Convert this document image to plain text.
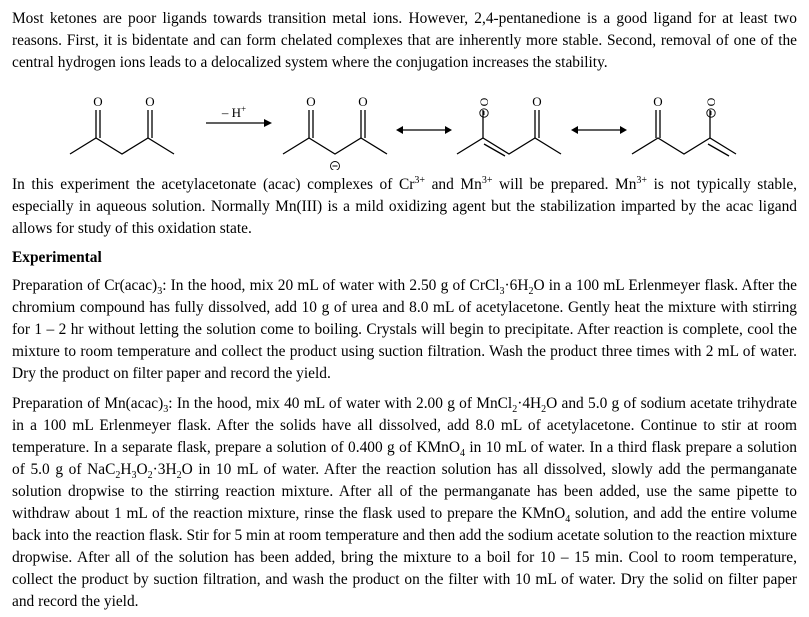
Most ketones are poor ligands towards transition metal ions. However, 2,4-pentanedione is a good ligand for at least two reasons. First, it is bidentate and can form chelated complexes that are inherently more stable. Second, removal of one of the central hydrogen ions leads to a delocalized system where the conjugation increases the stability.

O	O	O	O	O	O
O	O
– H+

In this experiment the acetylacetonate (acac) complexes of $Cr^{3+}$ and $Mn^{3+}$ will be prepared. $Mn^{3+}$ is not typically stable, especially in aqueous solution. Normally Mn(III) is a mild oxidizing agent but the stabilization imparted by the acac ligand allows for study of this oxidation state.

Experimental

Preparation of $Cr(acac)_3$: In the hood, mix 20 mL of water with 2.50 g of $CrCl_3\cdot 6H_2O$ in a 100 mL Erlenmeyer flask. After the chromium compound has fully dissolved, add 10 g of urea and 8.0 mL of acetylacetone. Gently heat the mixture with stirring for 1 – 2 hr without letting the solution come to boiling. Crystals will begin to precipitate. After reaction is complete, cool the mixture to room temperature and collect the product using suction filtration. Wash the product three times with 2 mL of water. Dry the product on filter paper and record the yield.

Preparation of $Mn(acac)_3$: In the hood, mix 40 mL of water with 2.00 g of $MnCl_2\cdot 4H_2O$ and 5.0 g of sodium acetate trihydrate in a 100 mL Erlenmeyer flask. After the solids have all dissolved, add 8.0 mL of acetylacetone. Continue to stir at room temperature. In a separate flask, prepare a solution of 0.400 g of KMnO$_4$ in 10 mL of water. In a third flask prepare a solution of 5.0 g of $NaC_2H_3O_2\cdot 3H_2O$ in 10 mL of water. After the reaction solution has all dissolved, slowly add the permanganate solution dropwise to the stirring reaction mixture. After all of the permanganate has been added, use the same pipette to withdraw about 1 mL of the reaction mixture, rinse the flask used to prepare the KMnO$_4$ solution, and add the entire volume back into the reaction flask. Stir for 5 min at room temperature and then add the sodium acetate solution to the reaction mixture dropwise. After all of the solution has been added, bring the mixture to a boil for 10 – 15 min. Cool to room temperature, collect the product by suction filtration, and wash the product on the filter with 10 mL of water. Dry the solid on filter paper and record the yield.
